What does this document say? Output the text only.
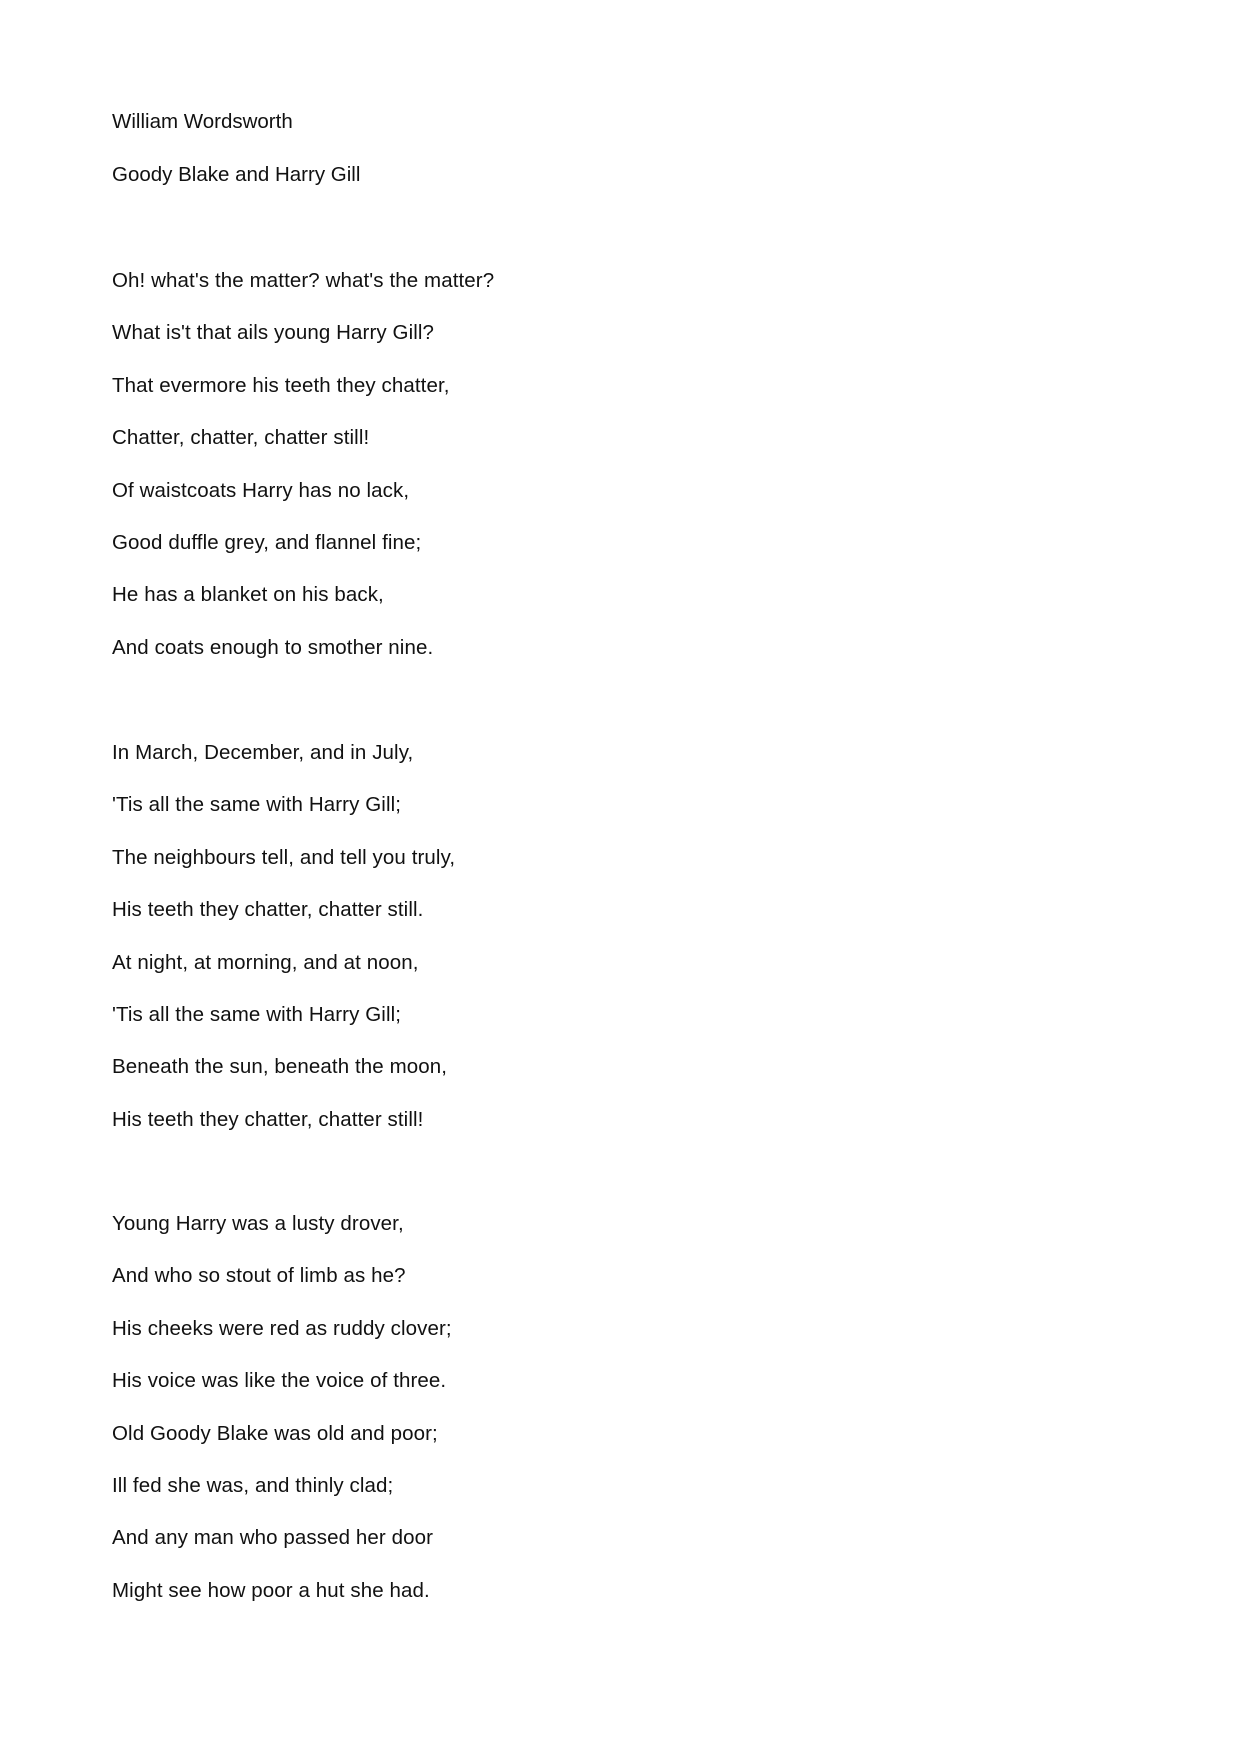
William Wordsworth
Goody Blake and Harry Gill
Oh! what's the matter? what's the matter?
What is't that ails young Harry Gill?
That evermore his teeth they chatter,
Chatter, chatter, chatter still!
Of waistcoats Harry has no lack,
Good duffle grey, and flannel fine;
He has a blanket on his back,
And coats enough to smother nine.
In March, December, and in July,
'Tis all the same with Harry Gill;
The neighbours tell, and tell you truly,
His teeth they chatter, chatter still.
At night, at morning, and at noon,
'Tis all the same with Harry Gill;
Beneath the sun, beneath the moon,
His teeth they chatter, chatter still!
Young Harry was a lusty drover,
And who so stout of limb as he?
His cheeks were red as ruddy clover;
His voice was like the voice of three.
Old Goody Blake was old and poor;
Ill fed she was, and thinly clad;
And any man who passed her door
Might see how poor a hut she had.
